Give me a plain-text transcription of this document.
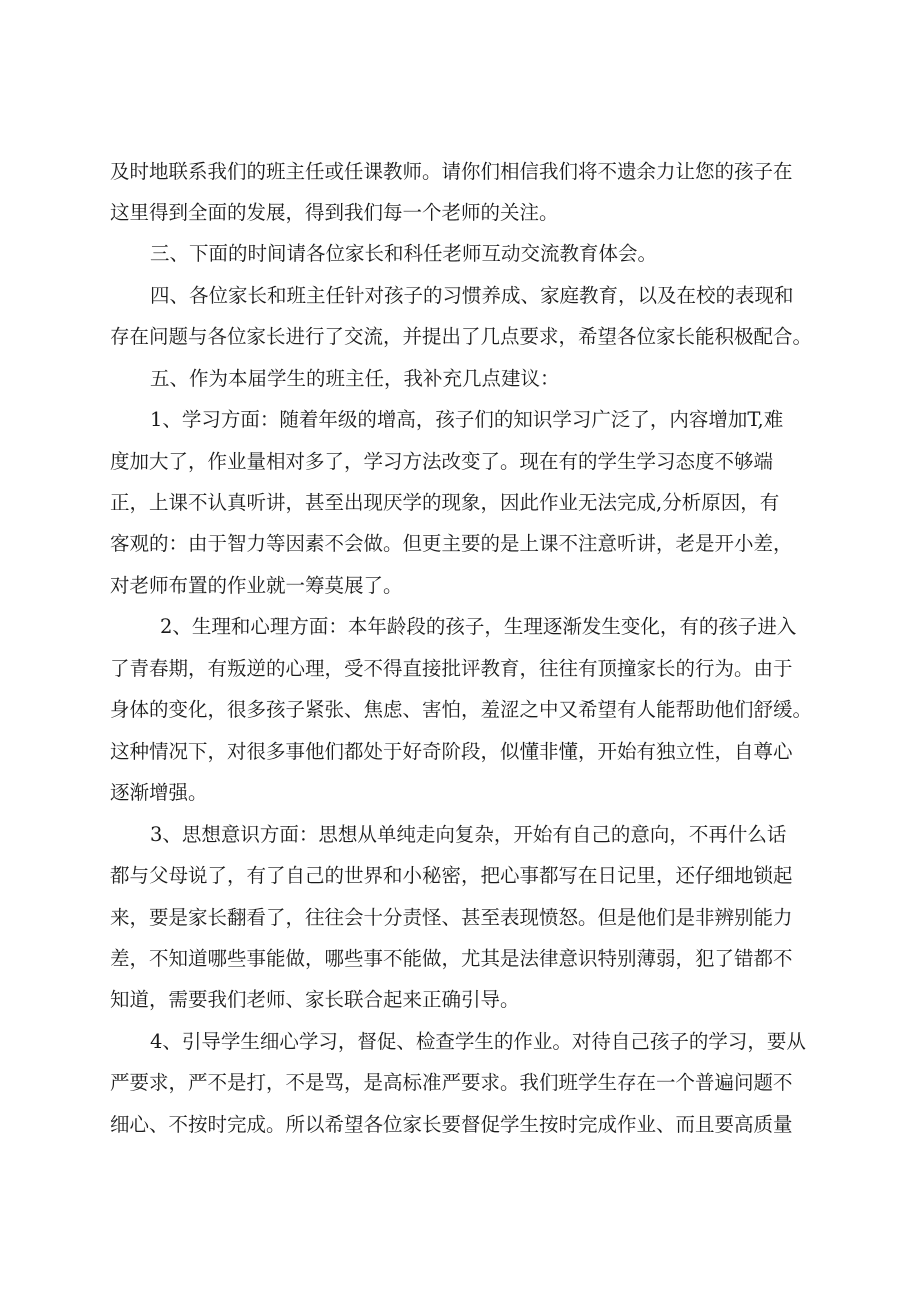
及时地联系我们的班主任或任课教师。请你们相信我们将不遗余力让您的孩子在
这里得到全面的发展，得到我们每一个老师的关注。
三、下面的时间请各位家长和科任老师互动交流教育体会。
四、各位家长和班主任针对孩子的习惯养成、家庭教育，以及在校的表现和
存在问题与各位家长进行了交流，并提出了几点要求，希望各位家长能积极配合。
五、作为本届学生的班主任，我补充几点建议：
1、学习方面：随着年级的增高，孩子们的知识学习广泛了，内容增加T,难
度加大了，作业量相对多了，学习方法改变了。现在有的学生学习态度不够端
正，上课不认真听讲，甚至出现厌学的现象，因此作业无法完成,分析原因，有
客观的：由于智力等因素不会做。但更主要的是上课不注意听讲，老是开小差，
对老师布置的作业就一筹莫展了。
2、生理和心理方面：本年龄段的孩子，生理逐渐发生变化，有的孩子进入
了青春期，有叛逆的心理，受不得直接批评教育，往往有顶撞家长的行为。由于
身体的变化，很多孩子紧张、焦虑、害怕，羞涩之中又希望有人能帮助他们舒缓。
这种情况下，对很多事他们都处于好奇阶段，似懂非懂，开始有独立性，自尊心
逐渐增强。
3、思想意识方面：思想从单纯走向复杂，开始有自己的意向，不再什么话
都与父母说了，有了自己的世界和小秘密，把心事都写在日记里，还仔细地锁起
来，要是家长翻看了，往往会十分责怪、甚至表现愤怒。但是他们是非辨别能力
差，不知道哪些事能做，哪些事不能做，尤其是法律意识特别薄弱，犯了错都不
知道，需要我们老师、家长联合起来正确引导。
4、引导学生细心学习，督促、检查学生的作业。对待自己孩子的学习，要从
严要求，严不是打，不是骂，是高标准严要求。我们班学生存在一个普遍问题不
细心、不按时完成。所以希望各位家长要督促学生按时完成作业、而且要高质量
